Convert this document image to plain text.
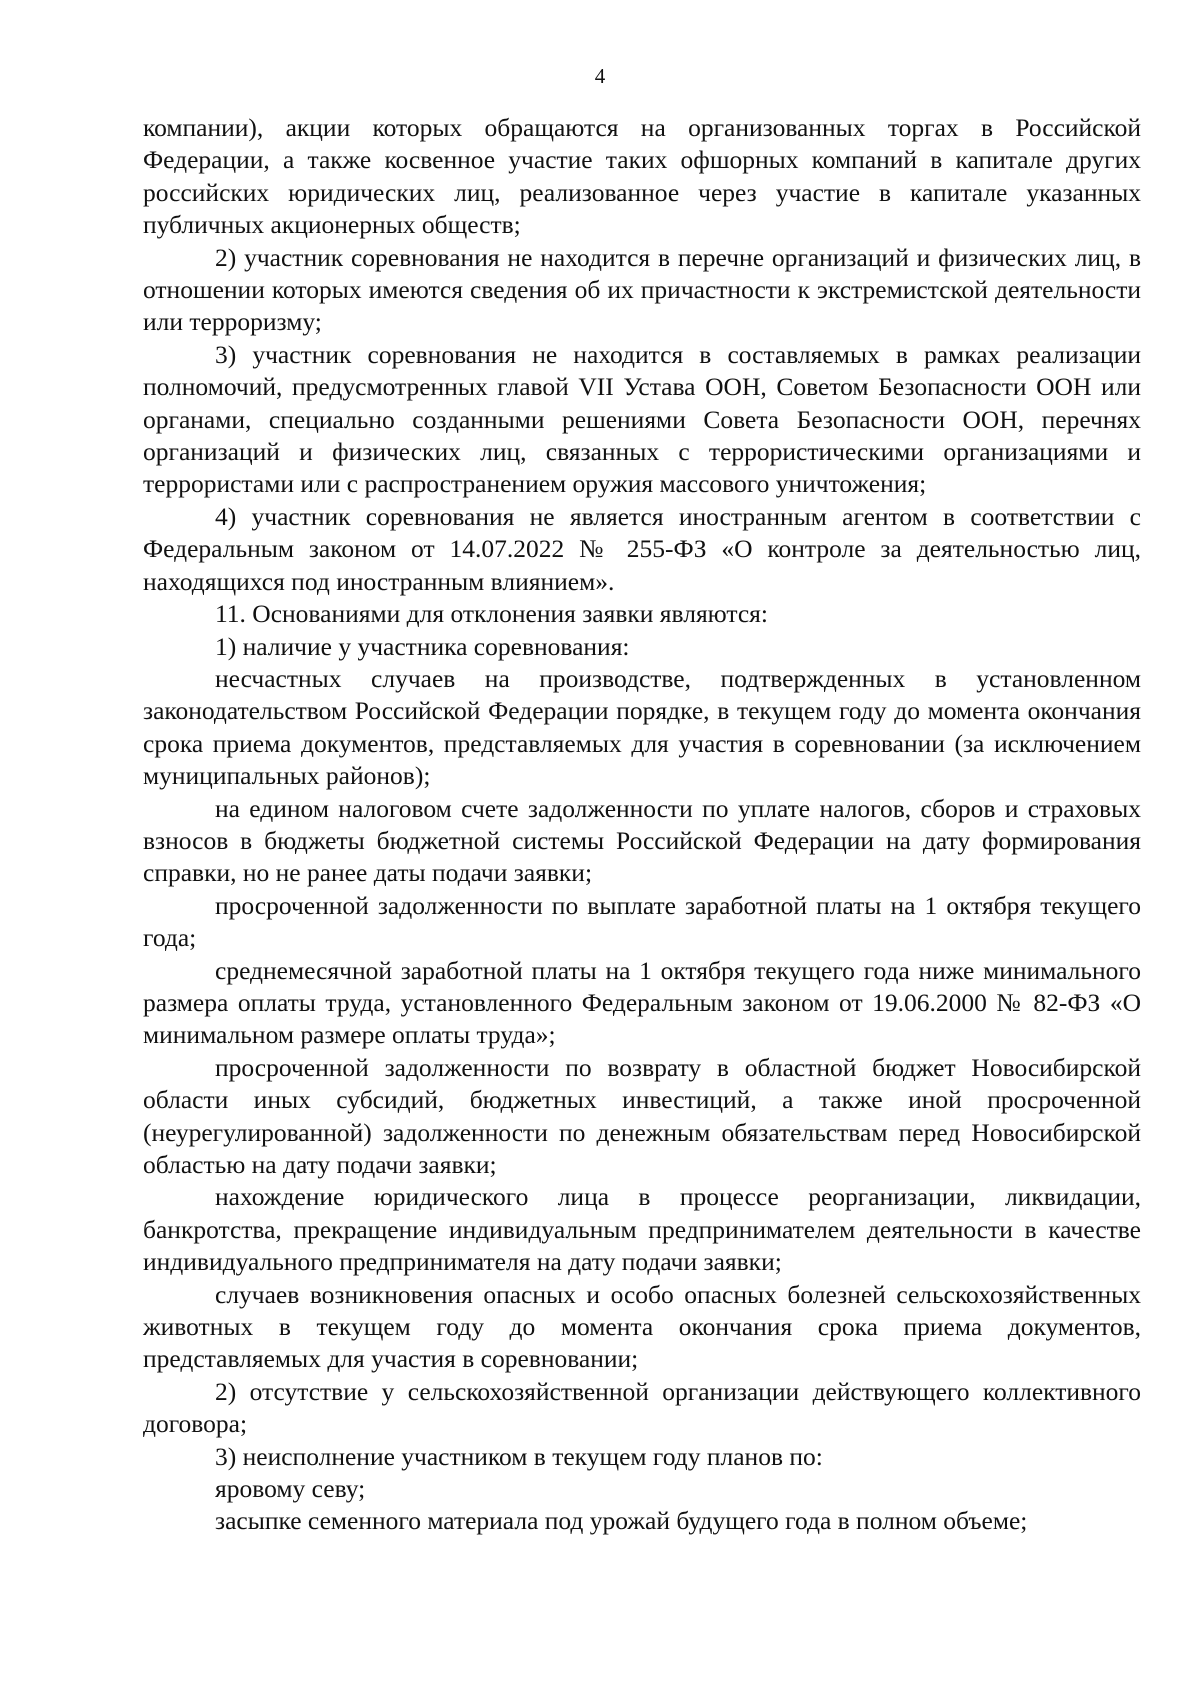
4

компании), акции которых обращаются на организованных торгах в Российской Федерации, а также косвенное участие таких офшорных компаний в капитале других российских юридических лиц, реализованное через участие в капитале указанных публичных акционерных обществ;

2) участник соревнования не находится в перечне организаций и физических лиц, в отношении которых имеются сведения об их причастности к экстремистской деятельности или терроризму;

3) участник соревнования не находится в составляемых в рамках реализации полномочий, предусмотренных главой VII Устава ООН, Советом Безопасности ООН или органами, специально созданными решениями Совета Безопасности ООН, перечнях организаций и физических лиц, связанных с террористическими организациями и террористами или с распространением оружия массового уничтожения;

4) участник соревнования не является иностранным агентом в соответствии с Федеральным законом от 14.07.2022 № 255-ФЗ «О контроле за деятельностью лиц, находящихся под иностранным влиянием».

11. Основаниями для отклонения заявки являются:

1) наличие у участника соревнования:

несчастных случаев на производстве, подтвержденных в установленном законодательством Российской Федерации порядке, в текущем году до момента окончания срока приема документов, представляемых для участия в соревновании (за исключением муниципальных районов);

на едином налоговом счете задолженности по уплате налогов, сборов и страховых взносов в бюджеты бюджетной системы Российской Федерации на дату формирования справки, но не ранее даты подачи заявки;

просроченной задолженности по выплате заработной платы на 1 октября текущего года;

среднемесячной заработной платы на 1 октября текущего года ниже минимального размера оплаты труда, установленного Федеральным законом от 19.06.2000 № 82-ФЗ «О минимальном размере оплаты труда»;

просроченной задолженности по возврату в областной бюджет Новосибирской области иных субсидий, бюджетных инвестиций, а также иной просроченной (неурегулированной) задолженности по денежным обязательствам перед Новосибирской областью на дату подачи заявки;

нахождение юридического лица в процессе реорганизации, ликвидации, банкротства, прекращение индивидуальным предпринимателем деятельности в качестве индивидуального предпринимателя на дату подачи заявки;

случаев возникновения опасных и особо опасных болезней сельскохозяйственных животных в текущем году до момента окончания срока приема документов, представляемых для участия в соревновании;

2) отсутствие у сельскохозяйственной организации действующего коллективного договора;

3) неисполнение участником в текущем году планов по:

яровому севу;

засыпке семенного материала под урожай будущего года в полном объеме;
